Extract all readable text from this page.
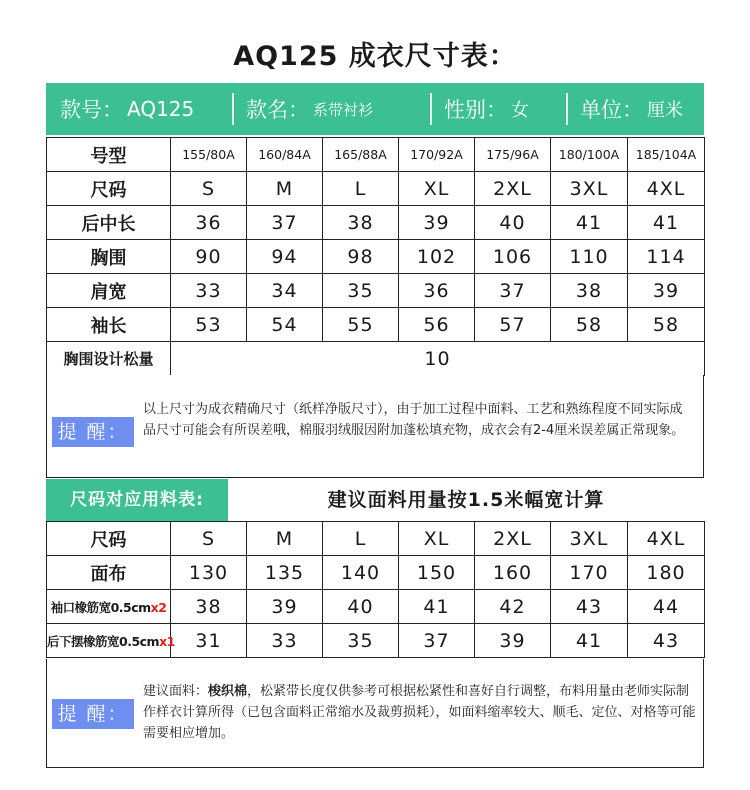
AQ125 成衣尺寸表：
款号： AQ125 款名： 系带衬衫	性别： 女 单位： 厘米
号型	155/80A	160/84A	165/88A	170/92A	175/96A	180/100A	185/104A
尺码	S	M	L	XL	2XL	3XL	4XL
后中长	36	37	38	39	40	41	41
胸围	90	94	98	102	106	110	114
肩宽	33	34	35	36	37	38	39
袖长	53	54	55	56	57	58	58
胸围设计松量	10						
提 醒：
以上尺寸为成衣精确尺寸（纸样净版尺寸），由于加工过程中面料、工艺和熟练程度不同实际成品尺寸可能会有所误差哦，棉服羽绒服因附加蓬松填充物，成衣会有2-4厘米误差属正常现象。
尺码对应用料表:	建议面料用量按1.5米幅宽计算
尺码	S	M	L	XL	2XL	3XL	4XL
面布	130	135	140	150	160	170	180
袖口橡筋宽0.5cmx2	38	39	40	41	42	43	44
后下摆橡筋宽0.5cmx1	31	33	35	37	39	41	43
提 醒：
建议面料：梭织棉，松紧带长度仅供参考可根据松紧性和喜好自行调整，布料用量由老师实际制作样衣计算所得（已包含面料正常缩水及裁剪损耗），如面料缩率较大、顺毛、定位、对格等可能需要相应增加。
